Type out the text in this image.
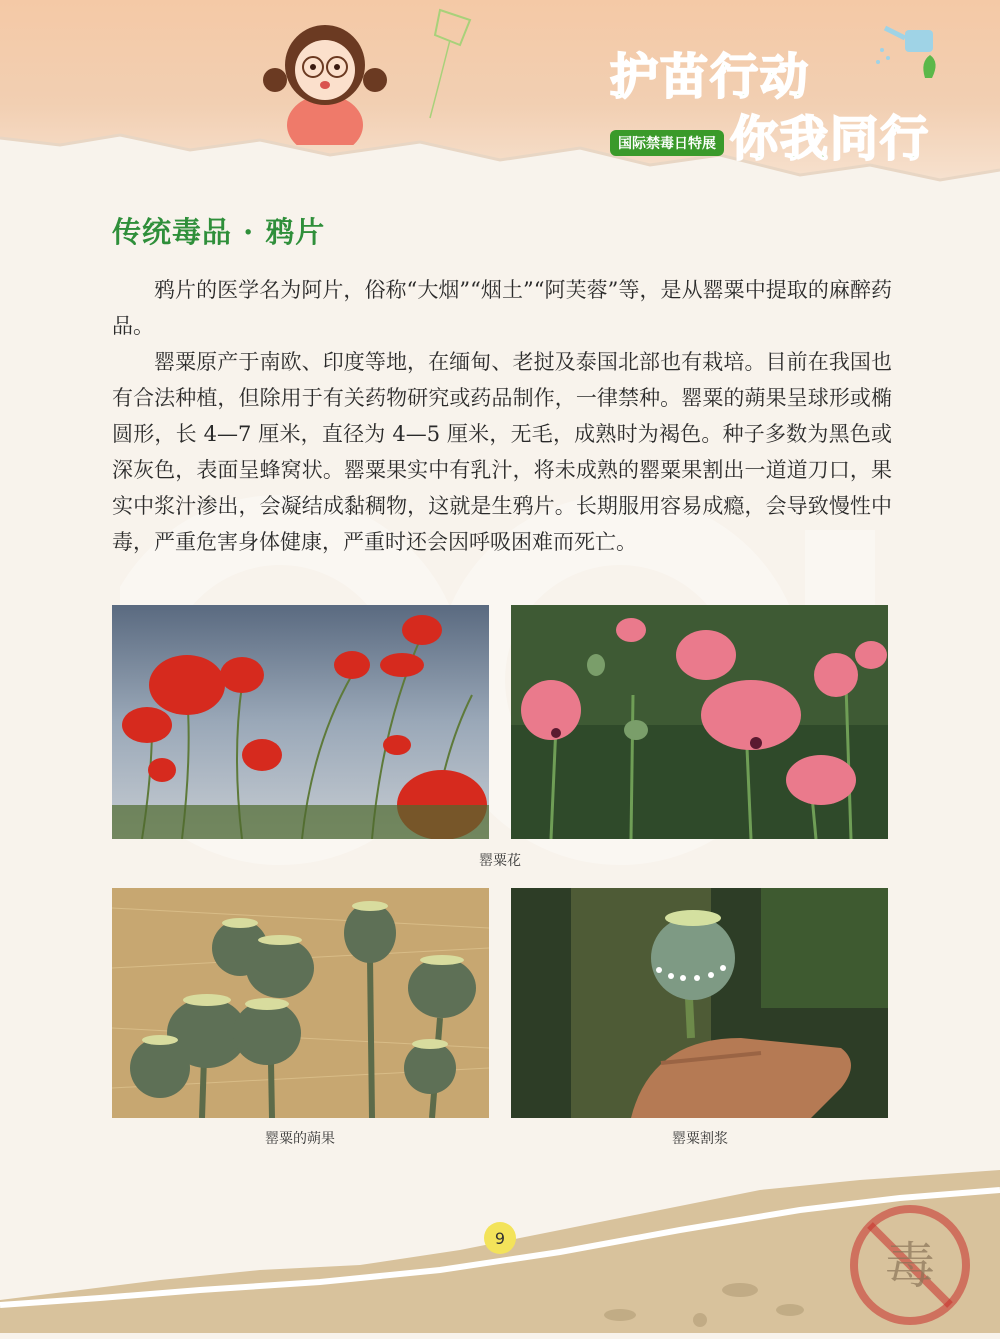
护苗行动
你我同行
国际禁毒日特展
传统毒品 · 鸦片

鸦片的医学名为阿片，俗称“大烟”“烟土”“阿芙蓉”等，是从罂粟中提取的麻醉药品。

罂粟原产于南欧、印度等地，在缅甸、老挝及泰国北部也有栽培。目前在我国也有合法种植，但除用于有关药物研究或药品制作，一律禁种。罂粟的蒴果呈球形或椭圆形，长 4—7 厘米，直径为 4—5 厘米，无毛，成熟时为褐色。种子多数为黑色或深灰色，表面呈蜂窝状。罂粟果实中有乳汁，将未成熟的罂粟果割出一道道刀口，果实中浆汁渗出，会凝结成黏稠物，这就是生鸦片。长期服用容易成瘾，会导致慢性中毒，严重危害身体健康，严重时还会因呼吸困难而死亡。

罂粟花
罂粟的蒴果	罂粟割浆
毒
9
